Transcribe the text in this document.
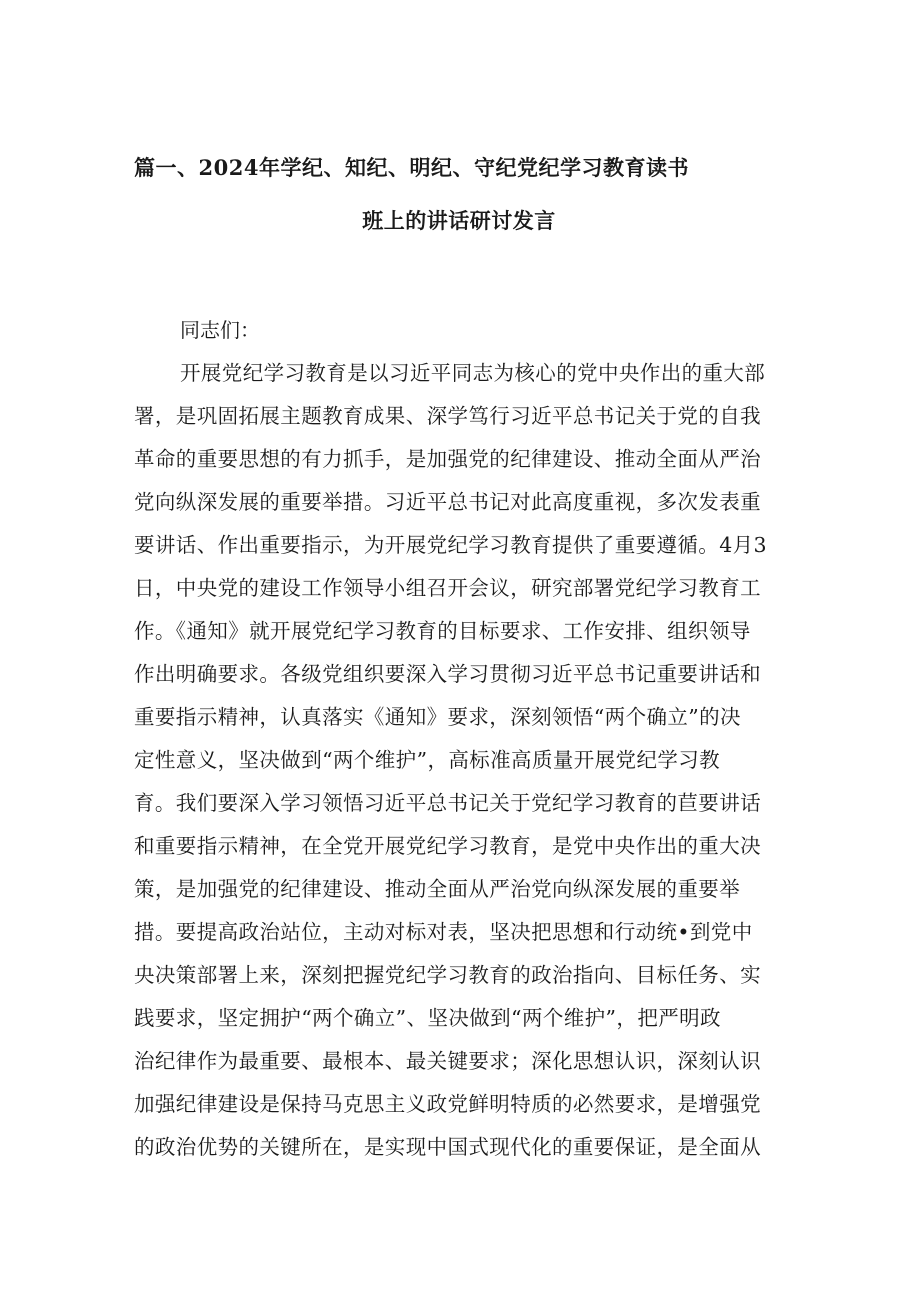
篇一、2024年学纪、知纪、明纪、守纪党纪学习教育读书
班上的讲话研讨发言
同志们：
开展党纪学习教育是以习近平同志为核心的党中央作出的重大部
署，是巩固拓展主题教育成果、深学笃行习近平总书记关于党的自我
革命的重要思想的有力抓手，是加强党的纪律建设、推动全面从严治
党向纵深发展的重要举措。习近平总书记对此高度重视，多次发表重
要讲话、作出重要指示，为开展党纪学习教育提供了重要遵循。4月3
日，中央党的建设工作领导小组召开会议，研究部署党纪学习教育工
作。《通知》就开展党纪学习教育的目标要求、工作安排、组织领导
作出明确要求。各级党组织要深入学习贯彻习近平总书记重要讲话和
重要指示精神，认真落实《通知》要求，深刻领悟“两个确立”的决
定性意义，坚决做到“两个维护”，高标准高质量开展党纪学习教
育。我们要深入学习领悟习近平总书记关于党纪学习教育的苣要讲话
和重要指示精神，在全党开展党纪学习教育，是党中央作出的重大决
策，是加强党的纪律建设、推动全面从严治党向纵深发展的重要举
措。要提高政治站位，主动对标对表，坚决把思想和行动统•到党中
央决策部署上来，深刻把握党纪学习教育的政治指向、目标任务、实
践要求，坚定拥护“两个确立”、坚决做到“两个维护”，把严明政
治纪律作为最重要、最根本、最关键要求；深化思想认识，深刻认识
加强纪律建设是保持马克思主义政党鲜明特质的必然要求，是增强党
的政治优势的关键所在，是实现中国式现代化的重要保证，是全面从
